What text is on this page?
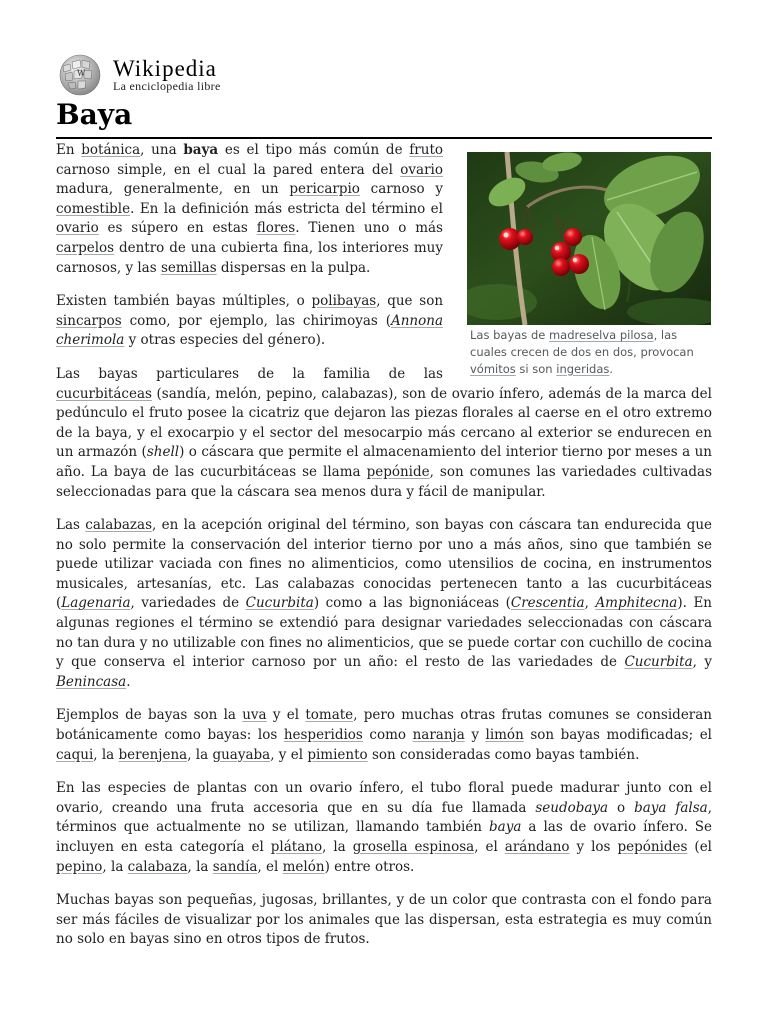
W Wikipedia
La enciclopedia libre
Baya
Las bayas de madreselva pilosa, las cuales crecen de dos en dos, provocan vómitos si son ingeridas.

En botánica, una baya es el tipo más común de fruto carnoso simple, en el cual la pared entera del ovario madura, generalmente, en un pericarpio carnoso y comestible. En la definición más estricta del término el ovario es súpero en estas flores. Tienen uno o más carpelos dentro de una cubierta fina, los interiores muy carnosos, y las semillas dispersas en la pulpa.

Existen también bayas múltiples, o polibayas, que son sincarpos como, por ejemplo, las chirimoyas (Annona cherimola y otras especies del género).

Las bayas particulares de la familia de las cucurbitáceas (sandía, melón, pepino, calabazas), son de ovario ínfero, además de la marca del pedúnculo el fruto posee la cicatriz que dejaron las piezas florales al caerse en el otro extremo de la baya, y el exocarpio y el sector del mesocarpio más cercano al exterior se endurecen en un armazón (shell) o cáscara que permite el almacenamiento del interior tierno por meses a un año. La baya de las cucurbitáceas se llama pepónide, son comunes las variedades cultivadas seleccionadas para que la cáscara sea menos dura y fácil de manipular.

Las calabazas, en la acepción original del término, son bayas con cáscara tan endurecida que no solo permite la conservación del interior tierno por uno a más años, sino que también se puede utilizar vaciada con fines no alimenticios, como utensilios de cocina, en instrumentos musicales, artesanías, etc. Las calabazas conocidas pertenecen tanto a las cucurbitáceas (Lagenaria, variedades de Cucurbita) como a las bignoniáceas (Crescentia, Amphitecna). En algunas regiones el término se extendió para designar variedades seleccionadas con cáscara no tan dura y no utilizable con fines no alimenticios, que se puede cortar con cuchillo de cocina y que conserva el interior carnoso por un año: el resto de las variedades de Cucurbita, y Benincasa.

Ejemplos de bayas son la uva y el tomate, pero muchas otras frutas comunes se consideran botánicamente como bayas: los hesperidios como naranja y limón son bayas modificadas; el caqui, la berenjena, la guayaba, y el pimiento son consideradas como bayas también.

En las especies de plantas con un ovario ínfero, el tubo floral puede madurar junto con el ovario, creando una fruta accesoria que en su día fue llamada seudobaya o baya falsa, términos que actualmente no se utilizan, llamando también baya a las de ovario ínfero. Se incluyen en esta categoría el plátano, la grosella espinosa, el arándano y los pepónides (el pepino, la calabaza, la sandía, el melón) entre otros.

Muchas bayas son pequeñas, jugosas, brillantes, y de un color que contrasta con el fondo para ser más fáciles de visualizar por los animales que las dispersan, esta estrategia es muy común no solo en bayas sino en otros tipos de frutos.
